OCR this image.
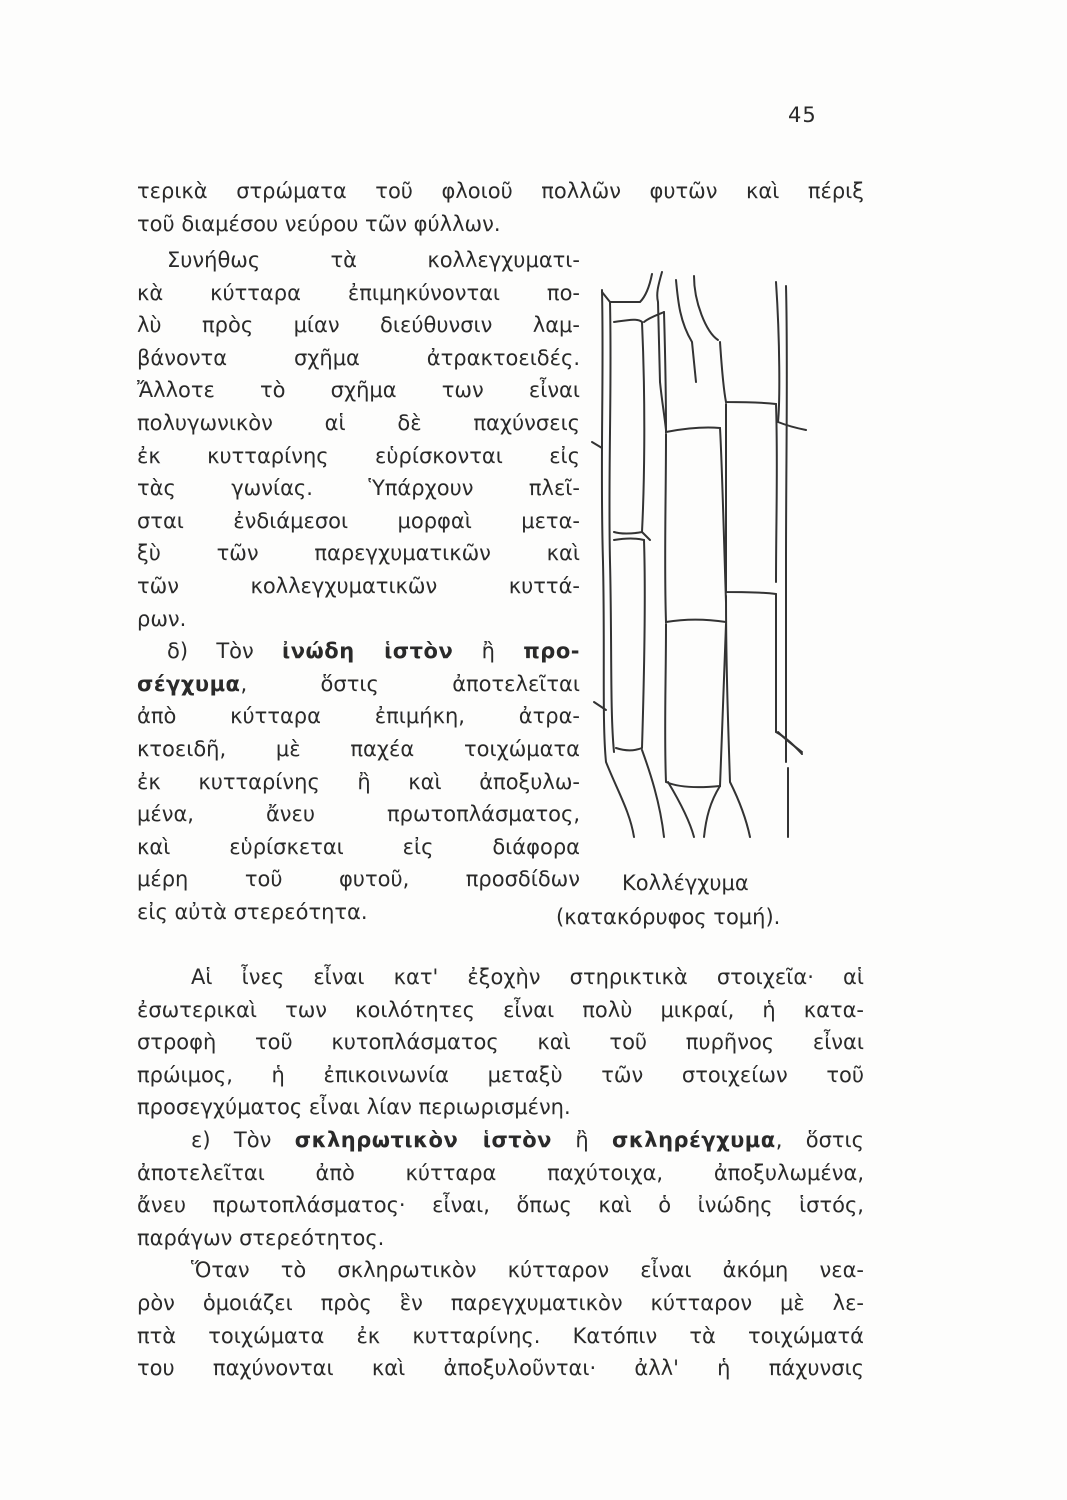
45
τερικὰ στρώματα τοῦ φλοιοῦ πολλῶν φυτῶν καὶ πέριξ
τοῦ διαμέσου νεύρου τῶν φύλλων.
Συνήθως τὰ κολλεγχυματι-
κὰ κύτταρα ἐπιμηκύνονται πο-
λὺ πρὸς μίαν διεύθυνσιν λαμ-
βάνοντα σχῆμα ἀτρακτοειδές.
Ἄλλοτε τὸ σχῆμα των εἶναι
πολυγωνικὸν αἱ δὲ παχύνσεις
ἐκ κυτταρίνης εὑρίσκονται εἰς
τὰς γωνίας. Ὑπάρχουν πλεῖ-
σται ἐνδιάμεσοι μορφαὶ μετα-
ξὺ τῶν παρεγχυματικῶν καὶ
τῶν κολλεγχυματικῶν κυττά-
ρων.
δ) Τὸν ἰνώδη ἱστὸν ἢ προ-
σέγχυμα, ὅστις ἀποτελεῖται
ἀπὸ κύτταρα ἐπιμήκη, ἀτρα-
κτοειδῆ, μὲ παχέα τοιχώματα
ἐκ κυτταρίνης ἢ καὶ ἀποξυλω-
μένα, ἄνευ πρωτοπλάσματος,
καὶ εὑρίσκεται εἰς διάφορα
μέρη τοῦ φυτοῦ, προσδίδων
εἰς αὐτὰ στερεότητα.
Κολλέγχυμα
(κατακόρυφος τομή).
Αἱ ἶνες εἶναι κατ' ἐξοχὴν στηρικτικὰ στοιχεῖα· αἱ
ἐσωτερικαὶ των κοιλότητες εἶναι πολὺ μικραί, ἡ κατα-
στροφὴ τοῦ κυτοπλάσματος καὶ τοῦ πυρῆνος εἶναι
πρώιμος, ἡ ἐπικοινωνία μεταξὺ τῶν στοιχείων τοῦ
προσεγχύματος εἶναι λίαν περιωρισμένη.
ε) Τὸν σκληρωτικὸν ἱστὸν ἢ σκληρέγχυμα, ὅστις
ἀποτελεῖται ἀπὸ κύτταρα παχύτοιχα, ἀποξυλωμένα,
ἄνευ πρωτοπλάσματος· εἶναι, ὅπως καὶ ὁ ἰνώδης ἱστός,
παράγων στερεότητος.
Ὅταν τὸ σκληρωτικὸν κύτταρον εἶναι ἀκόμη νεα-
ρὸν ὁμοιάζει πρὸς ἓν παρεγχυματικὸν κύτταρον μὲ λε-
πτὰ τοιχώματα ἐκ κυτταρίνης. Κατόπιν τὰ τοιχώματά
του παχύνονται καὶ ἀποξυλοῦνται· ἀλλ' ἡ πάχυνσις
